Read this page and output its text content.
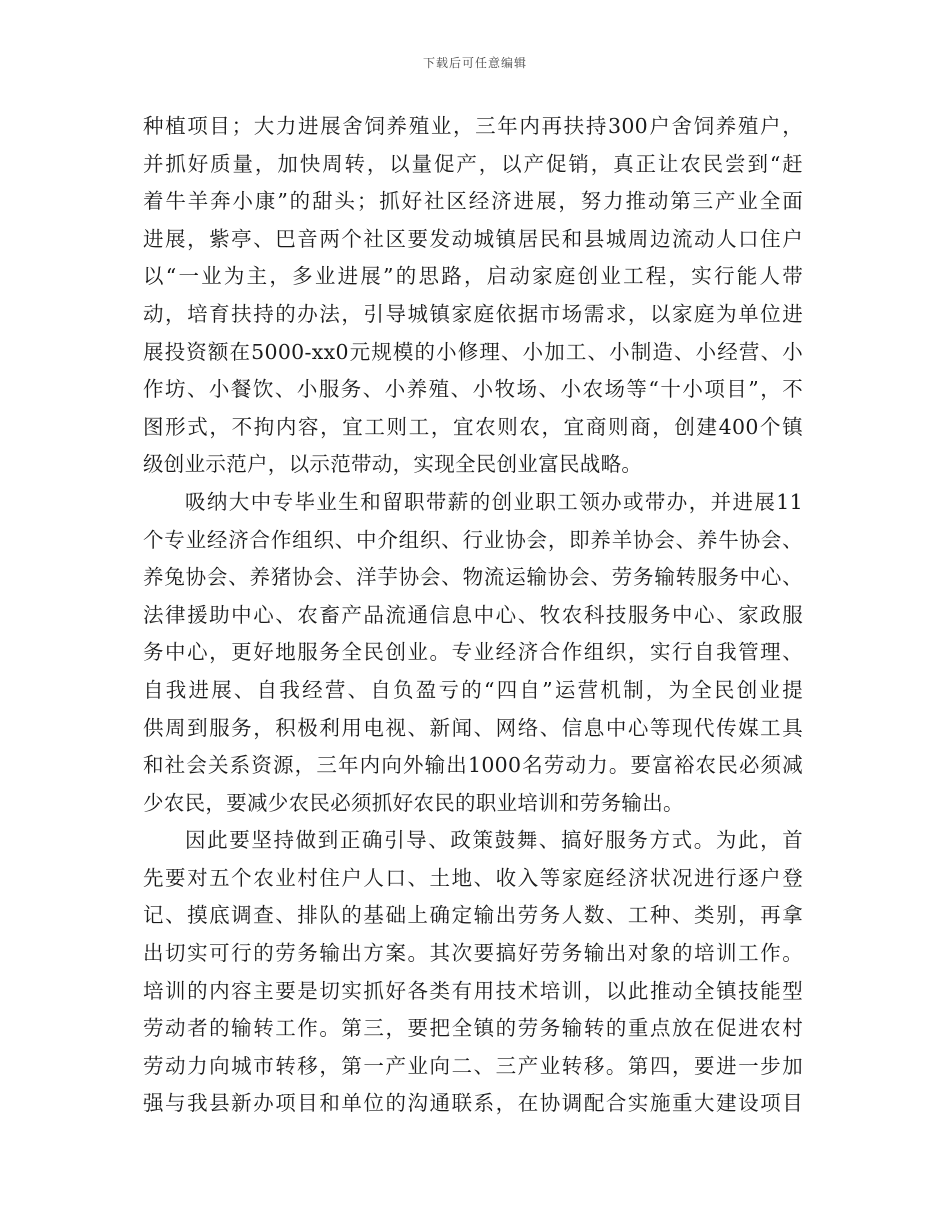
下载后可任意编辑
种植项目；大力进展舍饲养殖业，三年内再扶持300户舍饲养殖户，
并抓好质量，加快周转，以量促产，以产促销，真正让农民尝到“赶
着牛羊奔小康”的甜头；抓好社区经济进展，努力推动第三产业全面
进展，紫亭、巴音两个社区要发动城镇居民和县城周边流动人口住户
以“一业为主，多业进展”的思路，启动家庭创业工程，实行能人带
动，培育扶持的办法，引导城镇家庭依据市场需求，以家庭为单位进
展投资额在5000-xx0元规模的小修理、小加工、小制造、小经营、小
作坊、小餐饮、小服务、小养殖、小牧场、小农场等“十小项目”，不
图形式，不拘内容，宜工则工，宜农则农，宜商则商，创建400个镇
级创业示范户，以示范带动，实现全民创业富民战略。
吸纳大中专毕业生和留职带薪的创业职工领办或带办，并进展11
个专业经济合作组织、中介组织、行业协会，即养羊协会、养牛协会、
养兔协会、养猪协会、洋芋协会、物流运输协会、劳务输转服务中心、
法律援助中心、农畜产品流通信息中心、牧农科技服务中心、家政服
务中心，更好地服务全民创业。专业经济合作组织，实行自我管理、
自我进展、自我经营、自负盈亏的“四自”运营机制，为全民创业提
供周到服务，积极利用电视、新闻、网络、信息中心等现代传媒工具
和社会关系资源，三年内向外输出1000名劳动力。要富裕农民必须减
少农民，要减少农民必须抓好农民的职业培训和劳务输出。
因此要坚持做到正确引导、政策鼓舞、搞好服务方式。为此，首
先要对五个农业村住户人口、土地、收入等家庭经济状况进行逐户登
记、摸底调查、排队的基础上确定输出劳务人数、工种、类别，再拿
出切实可行的劳务输出方案。其次要搞好劳务输出对象的培训工作。
培训的内容主要是切实抓好各类有用技术培训，以此推动全镇技能型
劳动者的输转工作。第三，要把全镇的劳务输转的重点放在促进农村
劳动力向城市转移，第一产业向二、三产业转移。第四，要进一步加
强与我县新办项目和单位的沟通联系，在协调配合实施重大建设项目
